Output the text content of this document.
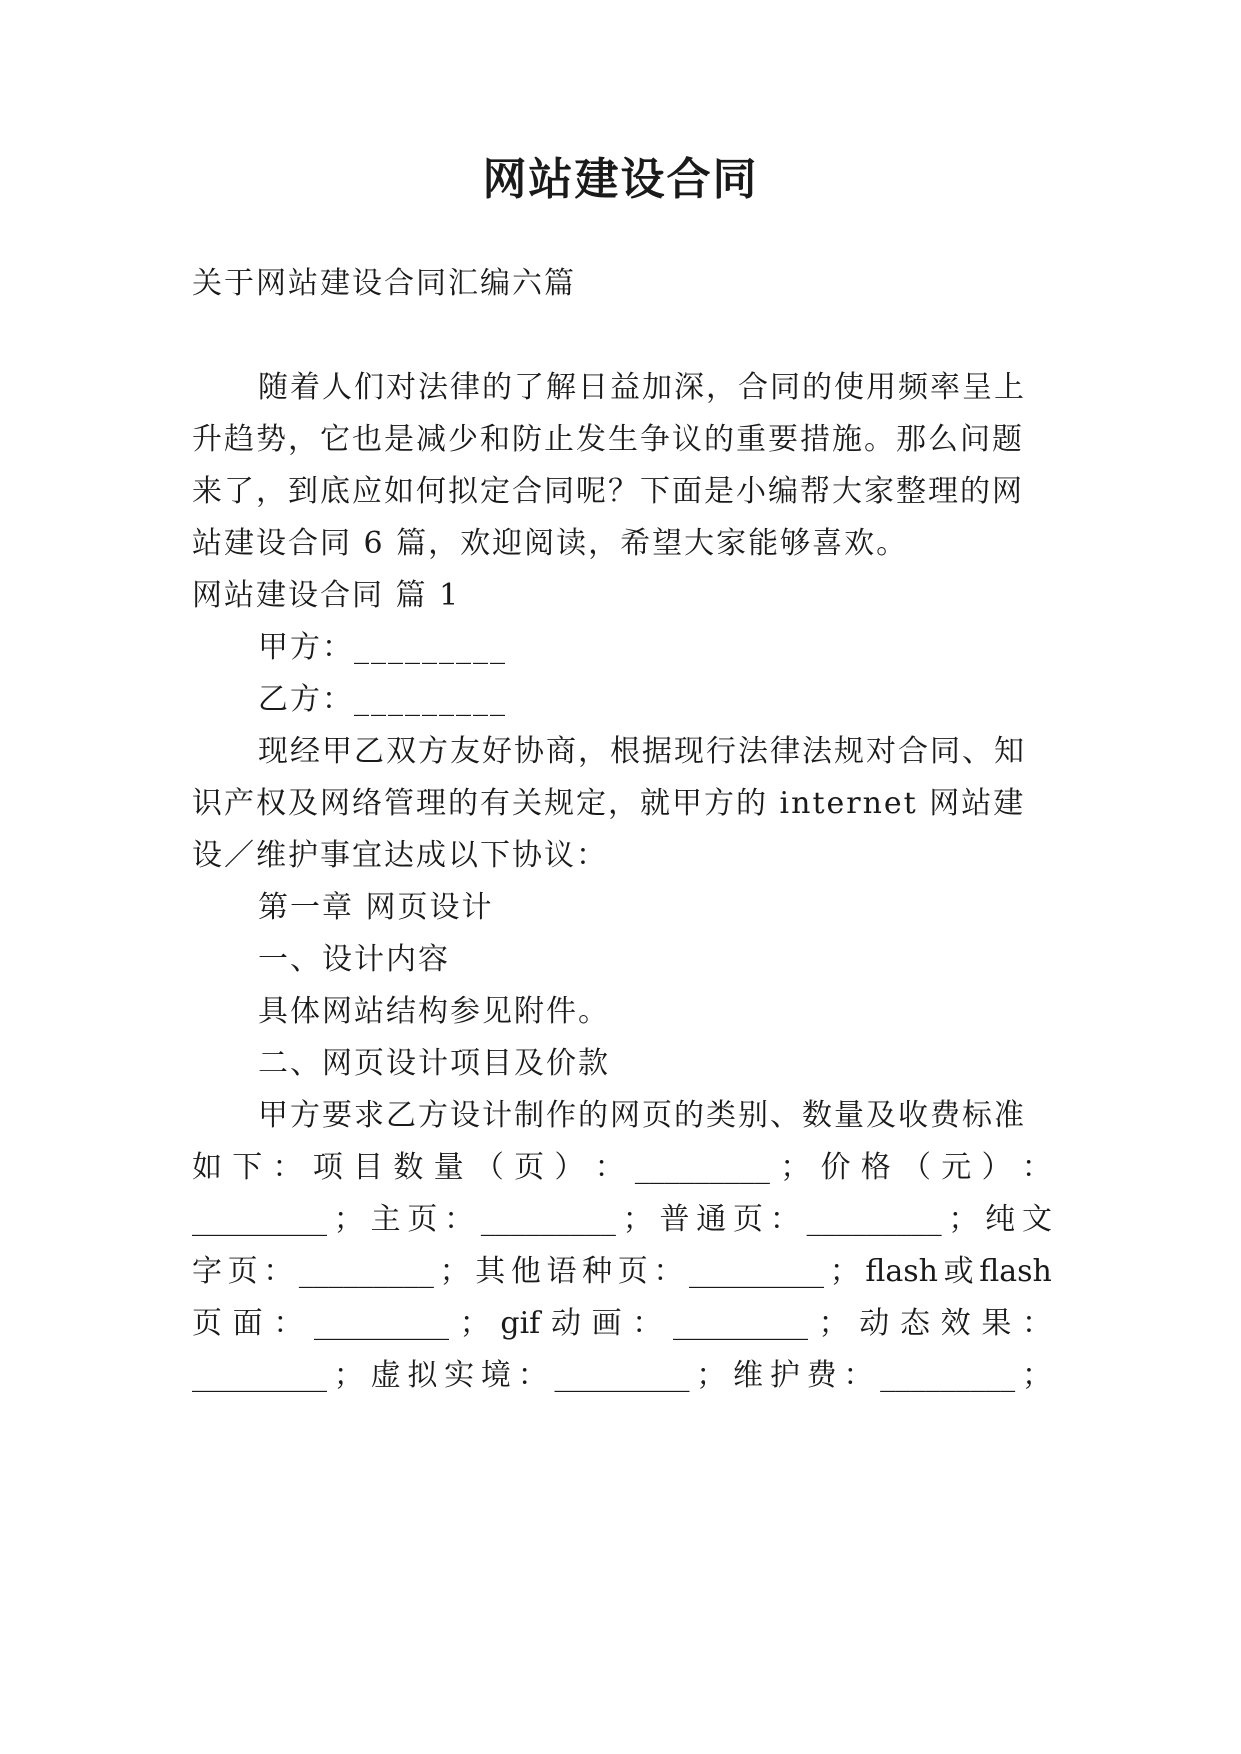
网站建设合同
关于网站建设合同汇编六篇
随着人们对法律的了解日益加深，合同的使用频率呈上
升趋势，它也是减少和防止发生争议的重要措施。那么问题
来了，到底应如何拟定合同呢？下面是小编帮大家整理的网
站建设合同 6 篇，欢迎阅读，希望大家能够喜欢。
网站建设合同 篇 1
甲方：_________
乙方：_________
现经甲乙双方友好协商，根据现行法律法规对合同、知
识产权及网络管理的有关规定，就甲方的 internet 网站建
设／维护事宜达成以下协议：
第一章 网页设计
一、设计内容
具体网站结构参见附件。
二、网页设计项目及价款
甲方要求乙方设计制作的网页的类别、数量及收费标准
如 下 ： 项 目 数 量 （ 页 ） ： _________ ； 价 格 （ 元 ） ：
_________ ； 主 页 ： _________ ； 普 通 页 ： _________ ； 纯 文
字 页 ： _________ ； 其 他 语 种 页 ： _________ ； flash 或 flash
页 面 ： _________ ； gif 动 画 ： _________ ； 动 态 效 果 ：
_________ ； 虚 拟 实 境 ： _________ ； 维 护 费 ： _________ ；
